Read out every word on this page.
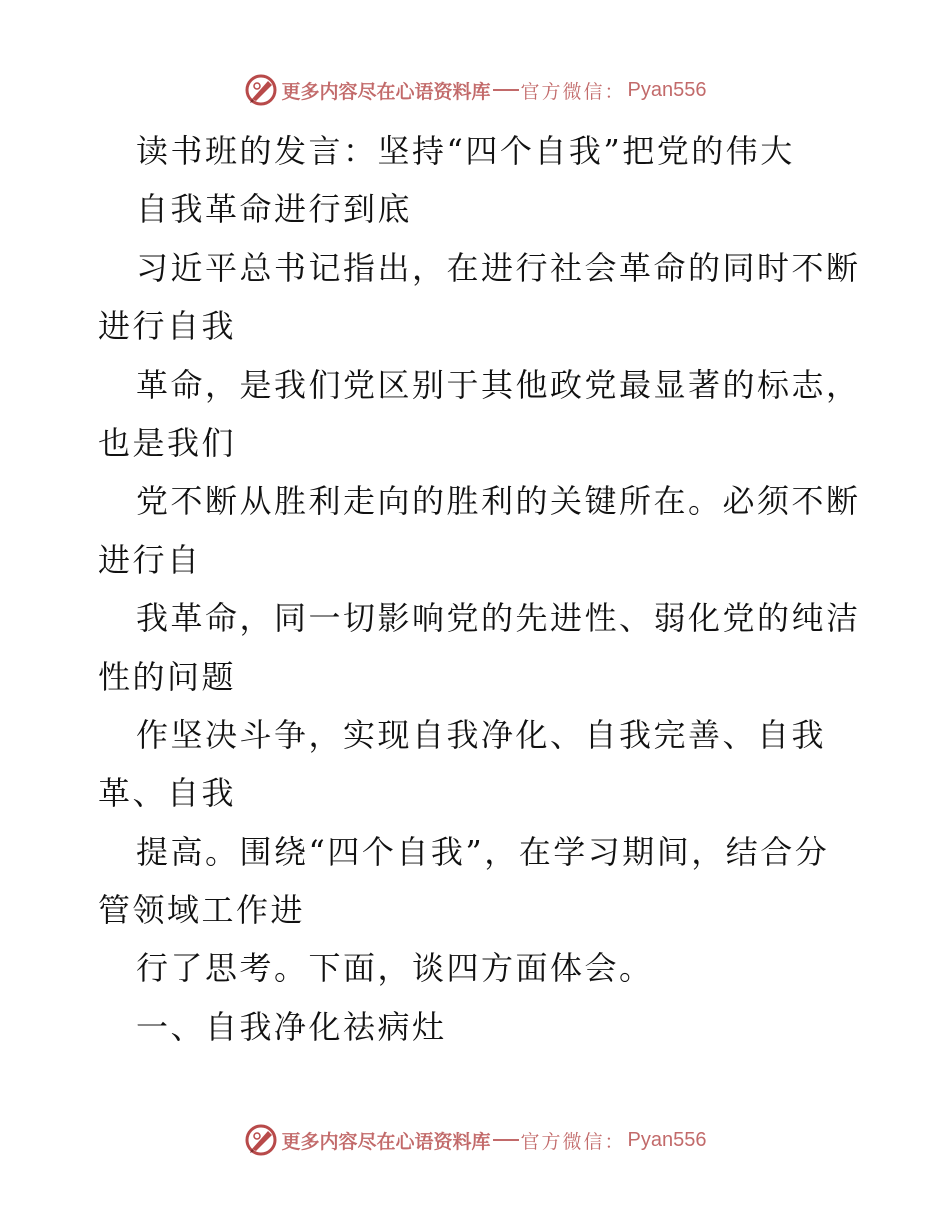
更多内容尽在心语资料库 官方微信： Pyan556
读书班的发言：坚持“四个自我”把党的伟大
自我革命进行到底
习近平总书记指出，在进行社会革命的同时不断
进行自我
革命，是我们党区别于其他政党最显著的标志，
也是我们
党不断从胜利走向的胜利的关键所在。必须不断
进行自
我革命，同一切影响党的先进性、弱化党的纯洁
性的问题
作坚决斗争，实现自我净化、自我完善、自我
革、自我
提高。围绕“四个自我”，在学习期间，结合分
管领域工作进
行了思考。下面，谈四方面体会。
一、自我净化祛病灶
更多内容尽在心语资料库 官方微信： Pyan556
